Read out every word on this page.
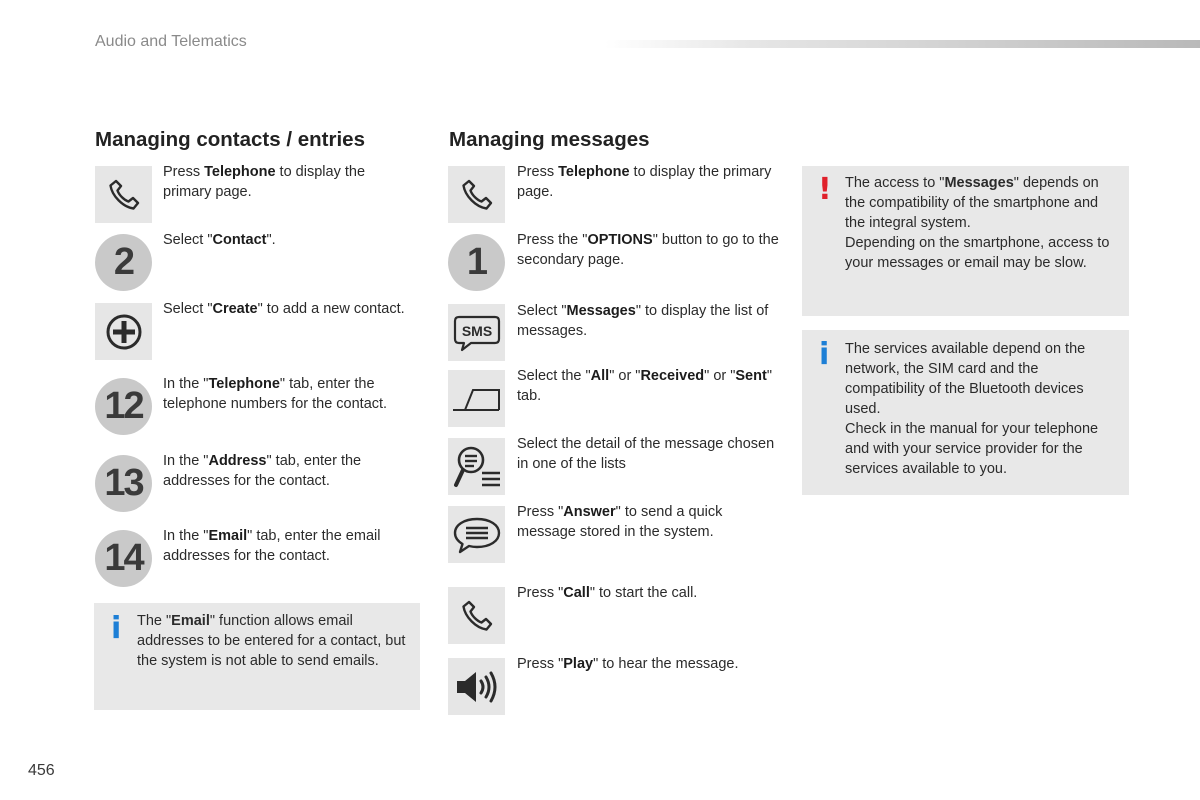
Audio and Telematics
Managing contacts / entries
Press Telephone to display the primary page.
2
Select "Contact".
Select "Create" to add a new contact.
12
In the "Telephone" tab, enter the telephone numbers for the contact.
13
In the "Address" tab, enter the addresses for the contact.
14
In the "Email" tab, enter the email addresses for the contact.
i The "Email" function allows email addresses to be entered for a contact, but the system is not able to send emails.
Managing messages
Press Telephone to display the primary page.
1
Press the "OPTIONS" button to go to the secondary page.
SMS
Select "Messages" to display the list of messages.
Select the "All" or "Received" or "Sent" tab.
Select the detail of the message chosen in one of the lists
Press "Answer" to send a quick message stored in the system.
Press "Call" to start the call.
Press "Play" to hear the message.
! The access to "Messages" depends on the compatibility of the smartphone and the integral system.
Depending on the smartphone, access to your messages or email may be slow.
i The services available depend on the network, the SIM card and the compatibility of the Bluetooth devices used.
Check in the manual for your telephone and with your service provider for the services available to you.
456
